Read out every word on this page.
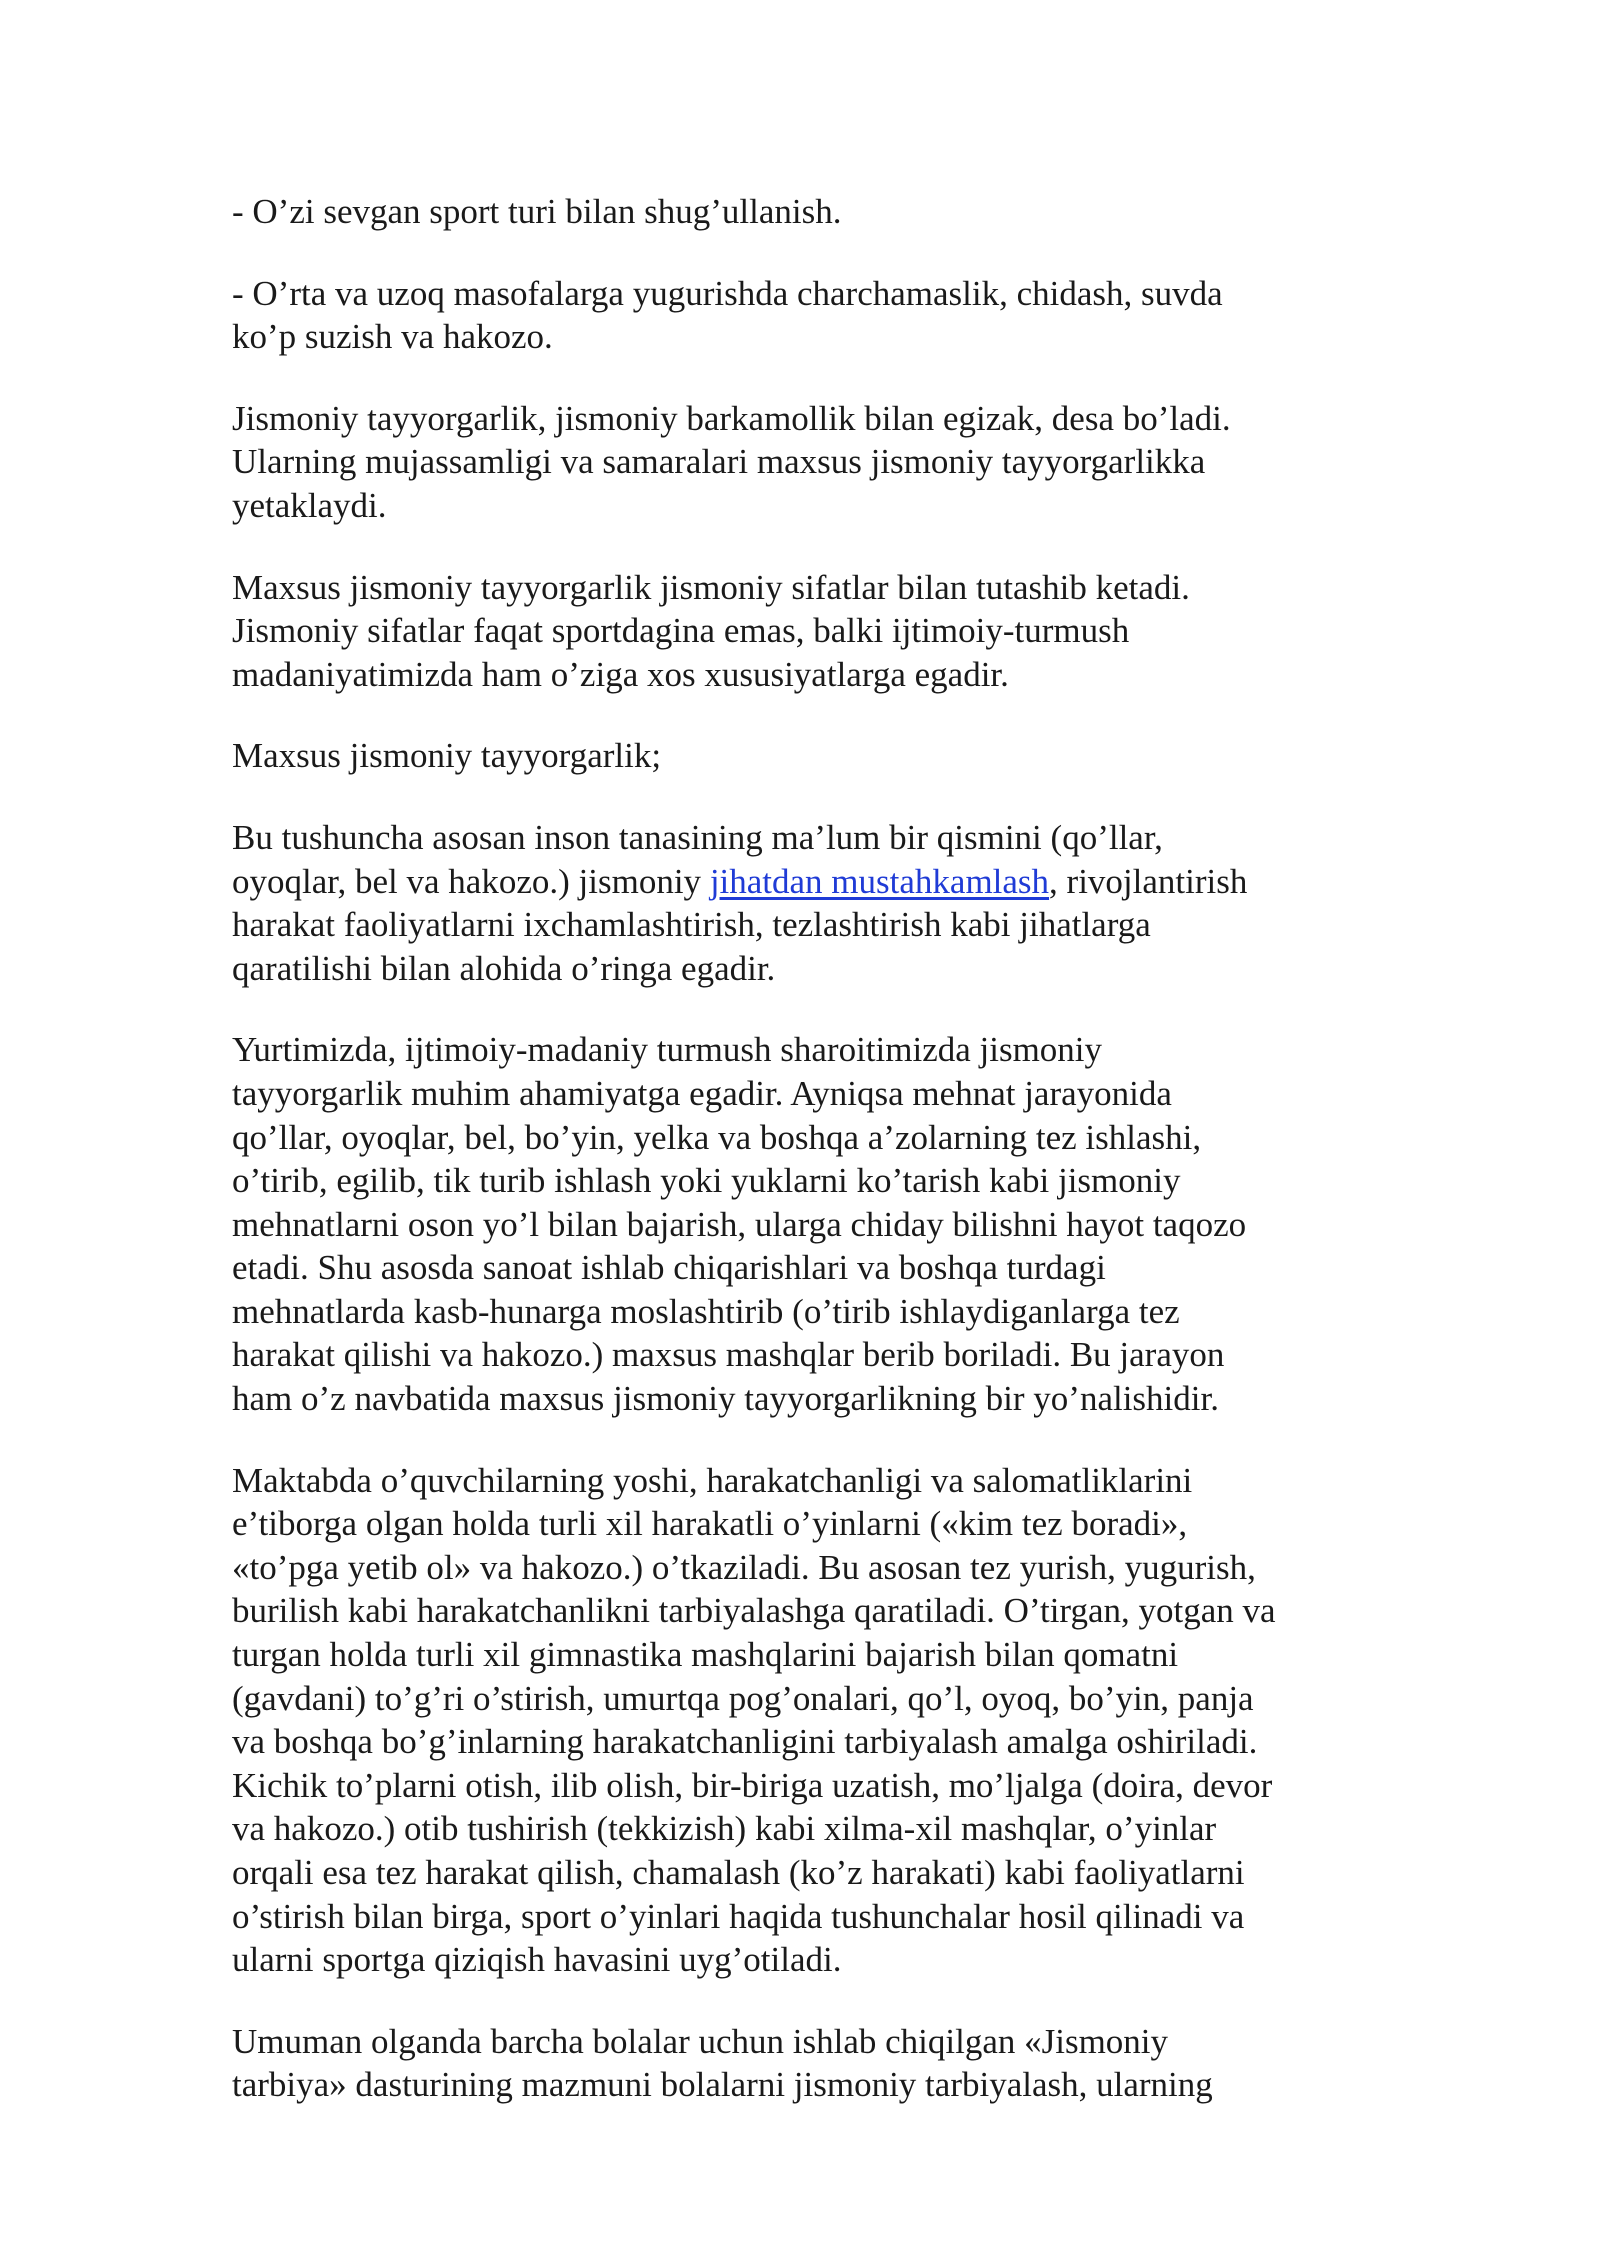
- O’zi sevgan sport turi bilan shug’ullanish.

- O’rta va uzoq masofalarga yugurishda charchamaslik, chidash, suvda
ko’p suzish va hakozo.

Jismoniy tayyorgarlik, jismoniy barkamollik bilan egizak, desa bo’ladi.
Ularning mujassamligi va samaralari maxsus jismoniy tayyorgarlikka
yetaklaydi.

Maxsus jismoniy tayyorgarlik jismoniy sifatlar bilan tutashib ketadi.
Jismoniy sifatlar faqat sportdagina emas, balki ijtimoiy-turmush
madaniyatimizda ham o’ziga xos xususiyatlarga egadir.

Maxsus jismoniy tayyorgarlik;

Bu tushuncha asosan inson tanasining ma’lum bir qismini (qo’llar,
oyoqlar, bel va hakozo.) jismoniy jihatdan mustahkamlash, rivojlantirish
harakat faoliyatlarni ixchamlashtirish, tezlashtirish kabi jihatlarga
qaratilishi bilan alohida o’ringa egadir.

Yurtimizda, ijtimoiy-madaniy turmush sharoitimizda jismoniy
tayyorgarlik muhim ahamiyatga egadir. Ayniqsa mehnat jarayonida
qo’llar, oyoqlar, bel, bo’yin, yelka va boshqa a’zolarning tez ishlashi,
o’tirib, egilib, tik turib ishlash yoki yuklarni ko’tarish kabi jismoniy
mehnatlarni oson yo’l bilan bajarish, ularga chiday bilishni hayot taqozo
etadi. Shu asosda sanoat ishlab chiqarishlari va boshqa turdagi
mehnatlarda kasb-hunarga moslashtirib (o’tirib ishlaydiganlarga tez
harakat qilishi va hakozo.) maxsus mashqlar berib boriladi. Bu jarayon
ham o’z navbatida maxsus jismoniy tayyorgarlikning bir yo’nalishidir.

Maktabda o’quvchilarning yoshi, harakatchanligi va salomatliklarini
e’tiborga olgan holda turli xil harakatli o’yinlarni («kim tez boradi»,
«to’pga yetib ol» va hakozo.) o’tkaziladi. Bu asosan tez yurish, yugurish,
burilish kabi harakatchanlikni tarbiyalashga qaratiladi. O’tirgan, yotgan va
turgan holda turli xil gimnastika mashqlarini bajarish bilan qomatni
(gavdani) to’g’ri o’stirish, umurtqa pog’onalari, qo’l, oyoq, bo’yin, panja
va boshqa bo’g’inlarning harakatchanligini tarbiyalash amalga oshiriladi.
Kichik to’plarni otish, ilib olish, bir-biriga uzatish, mo’ljalga (doira, devor
va hakozo.) otib tushirish (tekkizish) kabi xilma-xil mashqlar, o’yinlar
orqali esa tez harakat qilish, chamalash (ko’z harakati) kabi faoliyatlarni
o’stirish bilan birga, sport o’yinlari haqida tushunchalar hosil qilinadi va
ularni sportga qiziqish havasini uyg’otiladi.

Umuman olganda barcha bolalar uchun ishlab chiqilgan «Jismoniy
tarbiya» dasturining mazmuni bolalarni jismoniy tarbiyalash, ularning
